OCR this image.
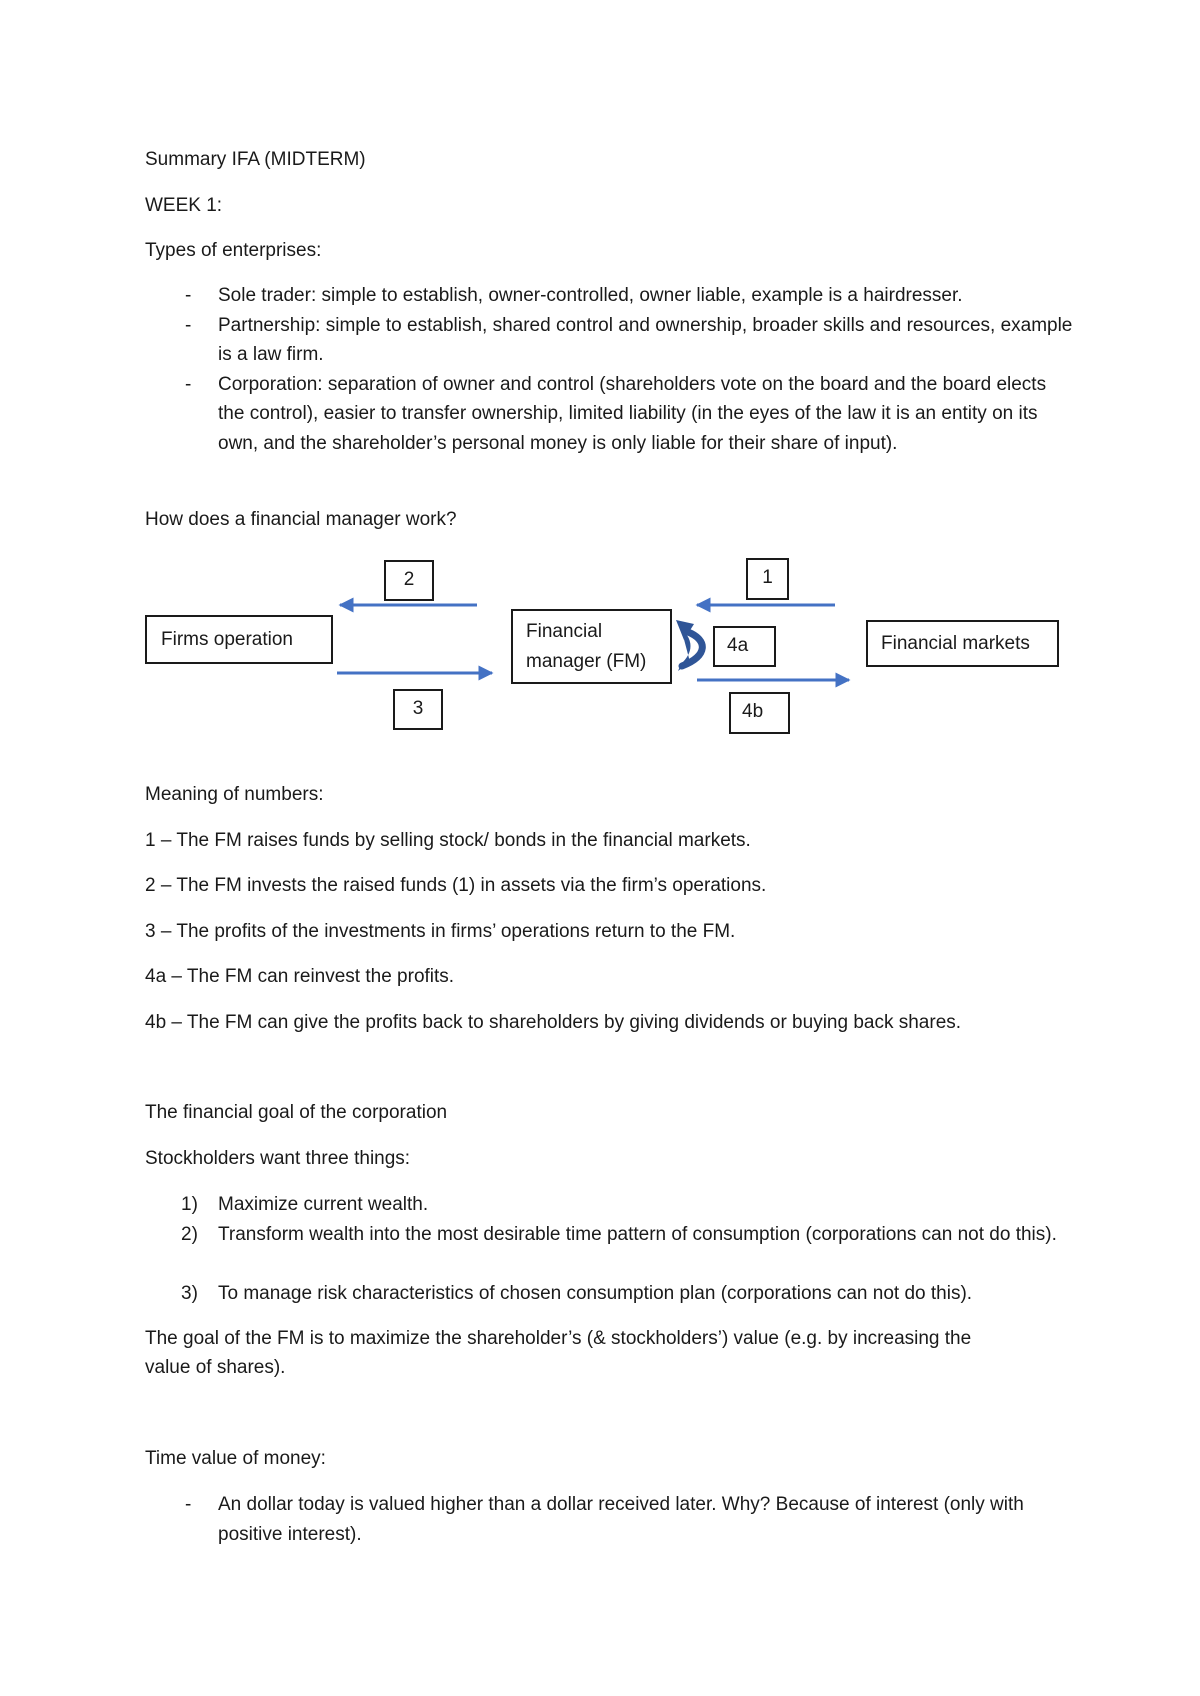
Summary IFA (MIDTERM)
WEEK 1:
Types of enterprises:
- Sole trader: simple to establish, owner-controlled, owner liable, example is a hairdresser.
- Partnership: simple to establish, shared control and ownership, broader skills and resources, example is a law firm.
- Corporation: separation of owner and control (shareholders vote on the board and the board elects the control), easier to transfer ownership, limited liability (in the eyes of the law it is an entity on its own, and the shareholder’s personal money is only liable for their share of input).
How does a financial manager work?
Firms operation	Financial
manager (FM)
Financial markets
1
2
3
4a
4b
Meaning of numbers:
1 – The FM raises funds by selling stock/ bonds in the financial markets.
2 – The FM invests the raised funds (1) in assets via the firm’s operations.
3 – The profits of the investments in firms’ operations return to the FM.
4a – The FM can reinvest the profits.
4b – The FM can give the profits back to shareholders by giving dividends or buying back shares.
The financial goal of the corporation
Stockholders want three things:
1) Maximize current wealth.
2) Transform wealth into the most desirable time pattern of consumption (corporations can not do this).
3) To manage risk characteristics of chosen consumption plan (corporations can not do this).
The goal of the FM is to maximize the shareholder’s (& stockholders’) value (e.g. by increasing the
value of shares).
Time value of money:
- An dollar today is valued higher than a dollar received later. Why? Because of interest (only with positive interest).
